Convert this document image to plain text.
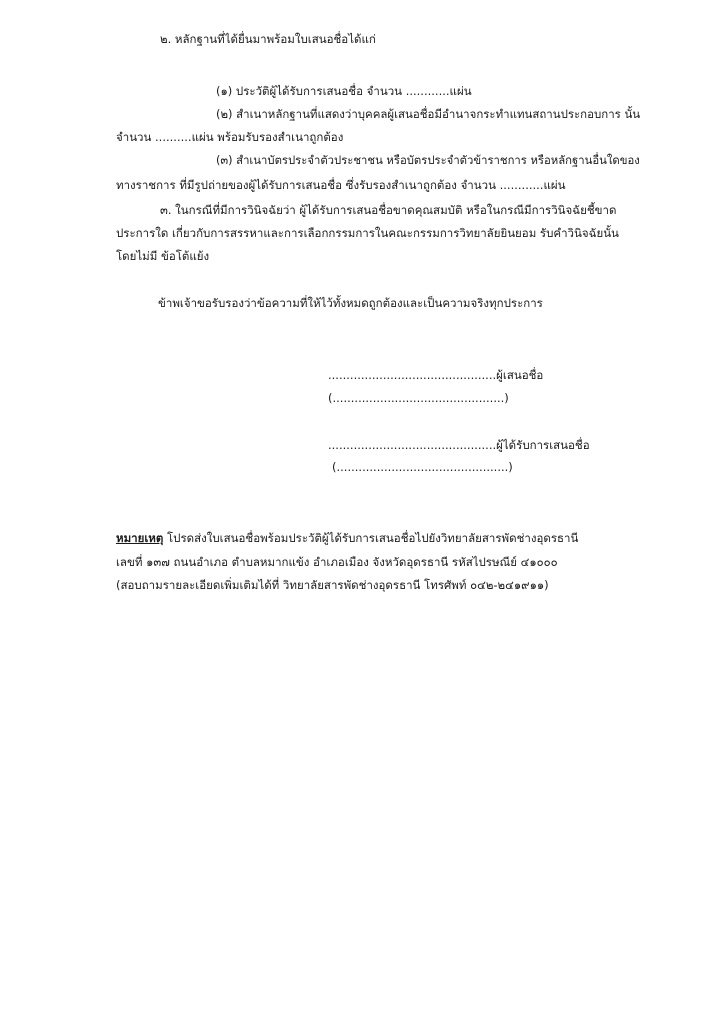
๒. หลักฐานที่ได้ยื่นมาพร้อมใบเสนอชื่อได้แก่
(๑) ประวัติผู้ได้รับการเสนอชื่อ จำนวน ............แผ่น
(๒) สำเนาหลักฐานที่แสดงว่าบุคคลผู้เสนอชื่อมีอำนาจกระทำแทนสถานประกอบการ นั้น
จำนวน ..........แผ่น พร้อมรับรองสำเนาถูกต้อง
(๓) สำเนาบัตรประจำตัวประชาชน หรือบัตรประจำตัวข้าราชการ หรือหลักฐานอื่นใดของ
ทางราชการ ที่มีรูปถ่ายของผู้ได้รับการเสนอชื่อ ซึ่งรับรองสำเนาถูกต้อง จำนวน ............แผ่น
๓. ในกรณีที่มีการวินิจฉัยว่า ผู้ได้รับการเสนอชื่อขาดคุณสมบัติ หรือในกรณีมีการวินิจฉัยชี้ขาด
ประการใด เกี่ยวกับการสรรหาและการเลือกกรรมการในคณะกรรมการวิทยาลัยยินยอม รับคำวินิจฉัยนั้น
โดยไม่มี ข้อโต้แย้ง
ข้าพเจ้าขอรับรองว่าข้อความที่ให้ไว้ทั้งหมดถูกต้องและเป็นความจริงทุกประการ
..............................................ผู้เสนอชื่อ
(...............................................)
..............................................ผู้ได้รับการเสนอชื่อ
(...............................................)
หมายเหตุ โปรดส่งใบเสนอชื่อพร้อมประวัติผู้ได้รับการเสนอชื่อไปยังวิทยาลัยสารพัดช่างอุดรธานี
เลขที่ ๑๓๗ ถนนอำเภอ ตำบลหมากแข้ง อำเภอเมือง จังหวัดอุดรธานี รหัสไปรษณีย์ ๔๑๐๐๐
(สอบถามรายละเอียดเพิ่มเติมได้ที่ วิทยาลัยสารพัดช่างอุดรธานี โทรศัพท์ ๐๔๒-๒๔๑๙๑๑)
